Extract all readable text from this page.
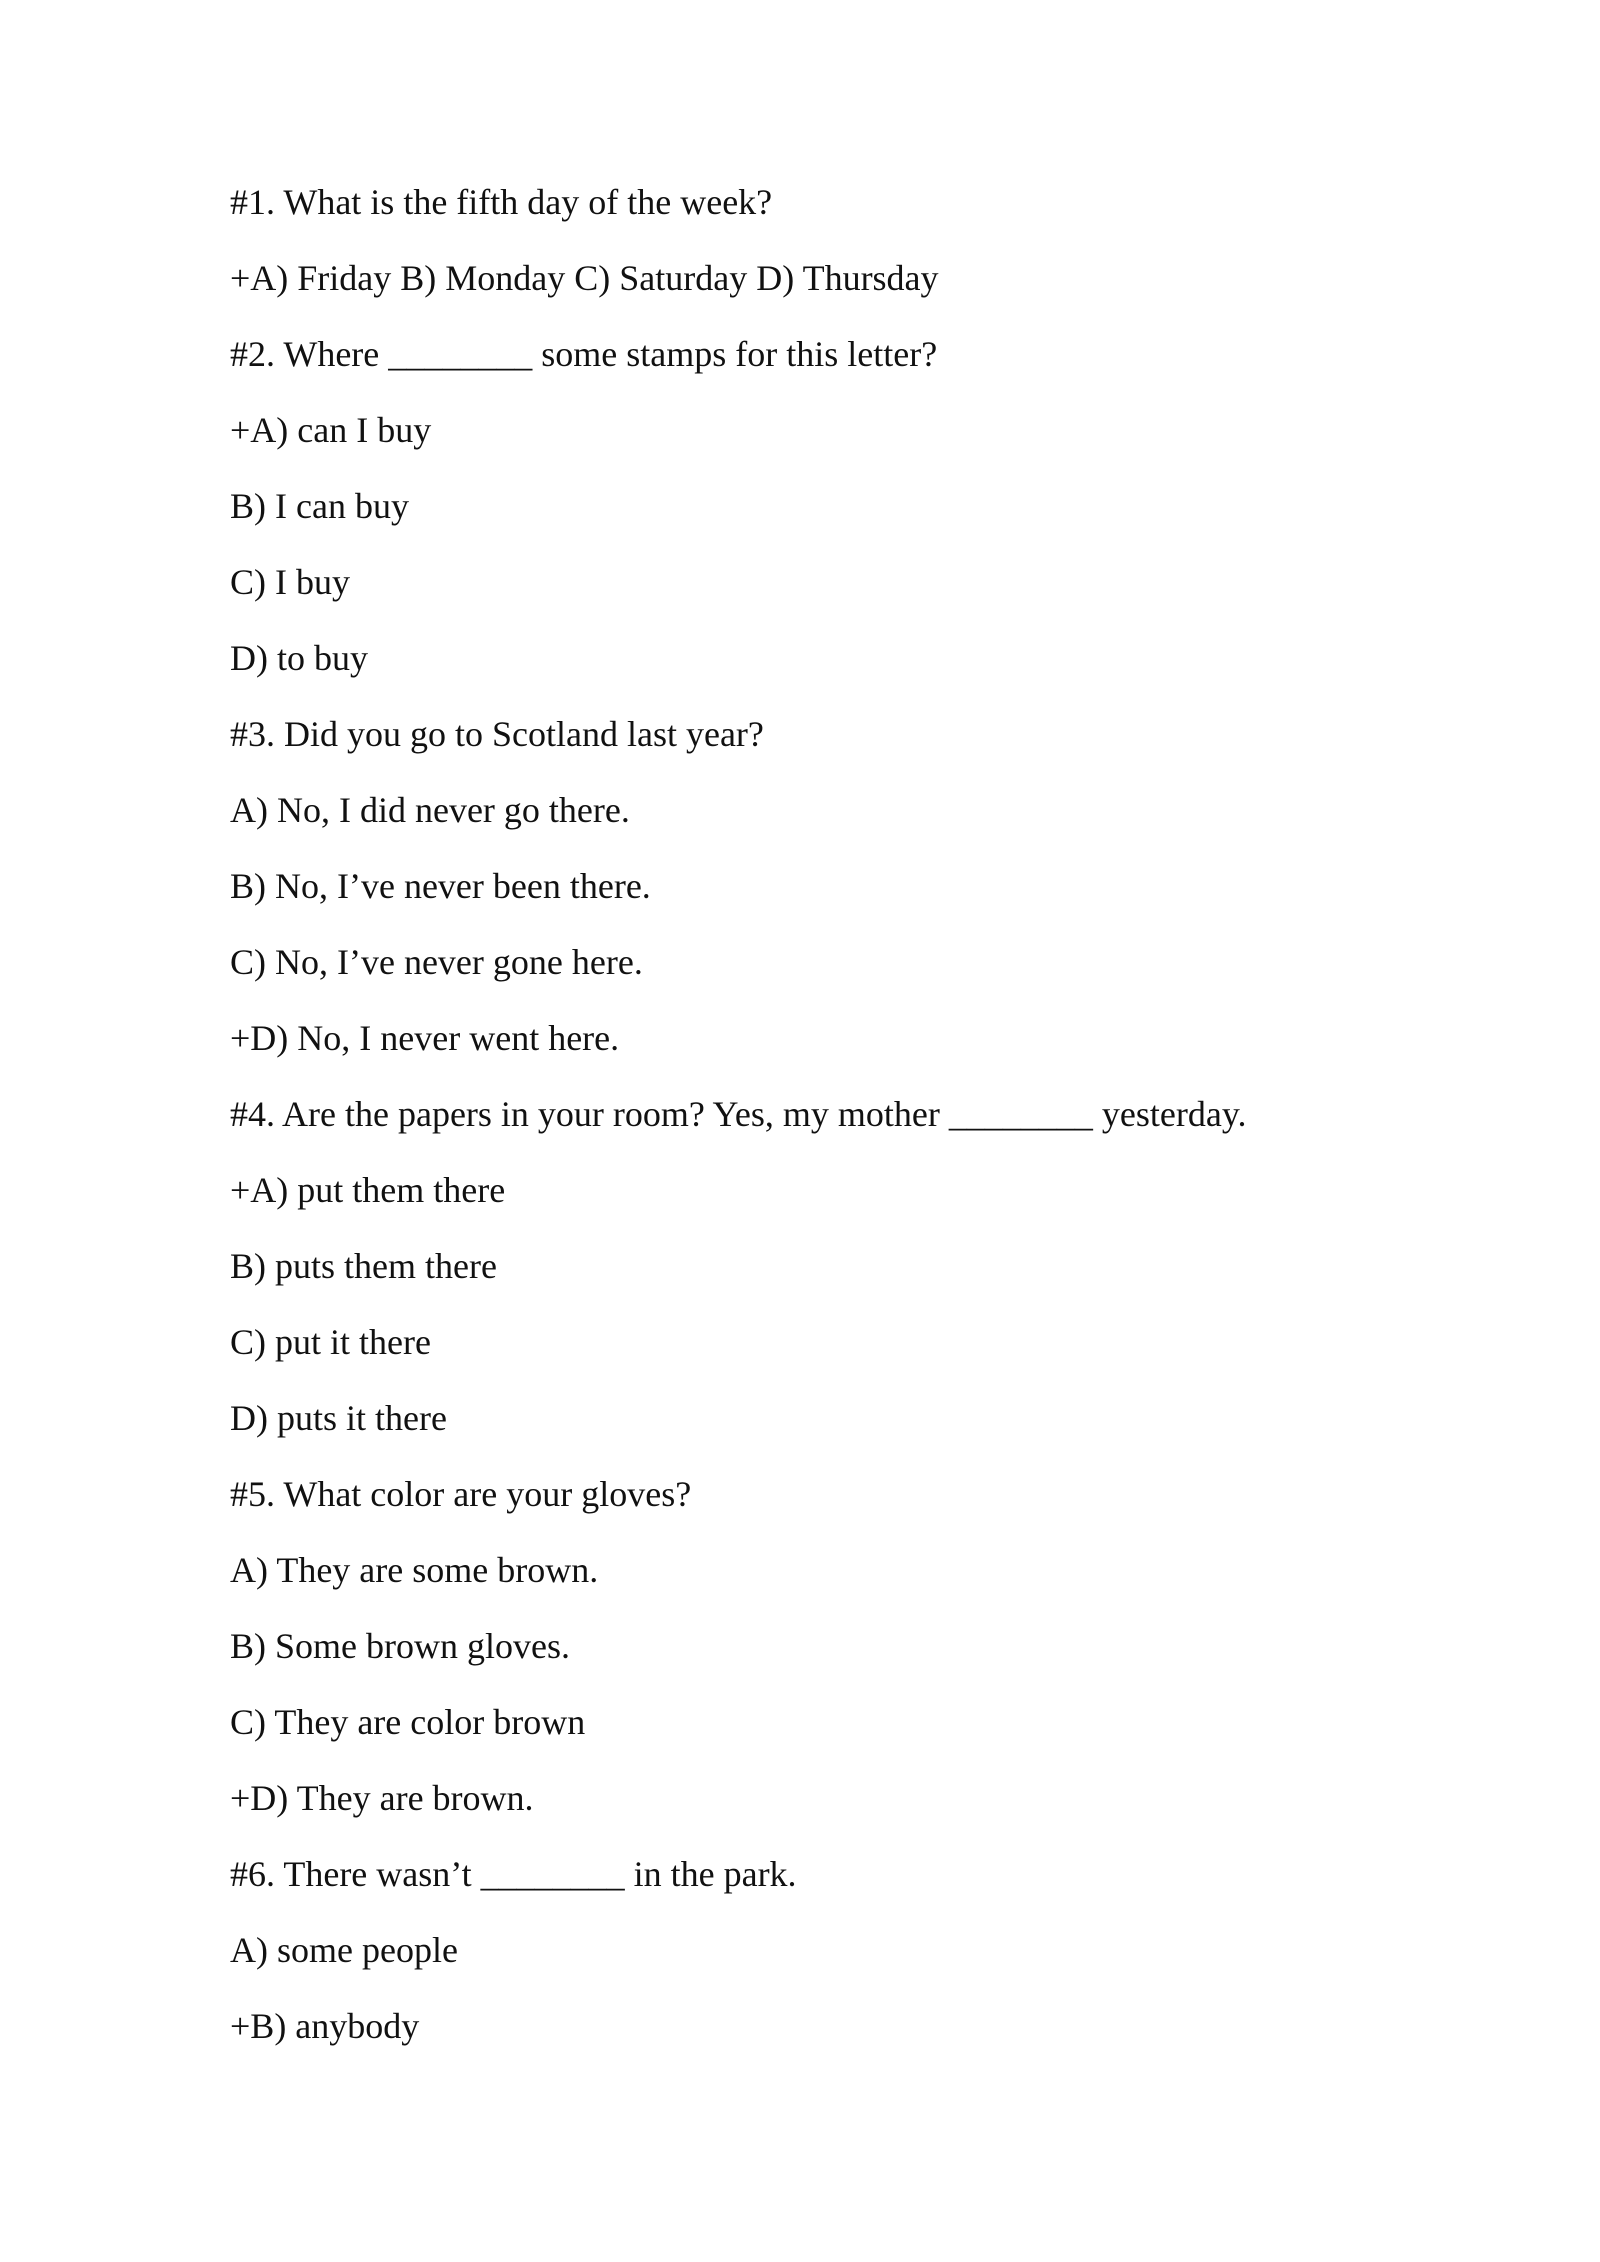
#1. What is the fifth day of the week?

+A) Friday B) Monday C) Saturday D) Thursday

#2. Where ________ some stamps for this letter?

+A) can I buy

B) I can buy

C) I buy

D) to buy

#3. Did you go to Scotland last year?

A) No, I did never go there.

B) No, I’ve never been there.

C) No, I’ve never gone here.

+D) No, I never went here.

#4. Are the papers in your room? Yes, my mother ________ yesterday.

+A) put them there

B) puts them there

C) put it there

D) puts it there

#5. What color are your gloves?

A) They are some brown.

B) Some brown gloves.

C) They are color brown

+D) They are brown.

#6. There wasn’t ________ in the park.

A) some people

+B) anybody
